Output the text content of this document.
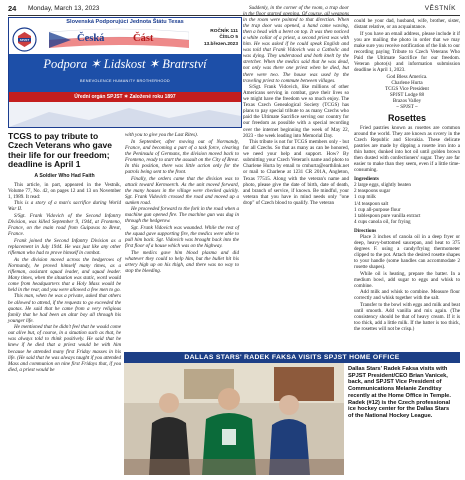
24 Monday, March 13, 2023	VĚSTNÍK
Slovenská Podporujúci Jednota Štátu Texas
SPJST	Česká	Část
ROČNÍK 111
ČÍSLO 5
13.březen.2023
Podpora ✶ Lidskost ✶ Bratrství
BENEVOLENCE HUMANITY BROTHERHOOD
Úřední orgán SPJST ✶ Založené roku 1897
TCGS to pay tribute to Czech Veterans who gave their life for our freedom; deadline is April 1
A Soldier Who Had Faith

This article, in part, appeared in the Vestnik, Volume 77, No. 42, on pages 12 and 13 on November 1, 1989. It read:

This is a story of a man's sacrifice during World War II.

S/Sgt. Frank Vidovich of the Second Infantry Division, was killed September 9, 1944, at Fronteno, France, on the main road from Guipavas to Brest, France.

Frank joined the Second Infantry Division as a replacement in July 1944. He was just like any other rifleman who had to prove himself in combat.

As the division moved across the hedgerows of Normandy, he proved himself many times, as a rifleman, assistant squad leader, and squad leader. Many times, when the situation was static, word would come from headquarters that a Holy Mass would be held in the rear, and you were allowed a few men to go.

This man, when he was a private, asked that others be allowed to attend, if the requests to go exceeded the quotas. He said that he came from a very religious family that he had been an altar boy all through his younger life.

He mentioned that he didn't feel that he would come out alive but, of course, in a situation such as that, he was always told to think positively. He said that he knew if he died that a priest would be with him because he attended many first Friday masses in his life. (He said that he was always taught if you attended Mass and communion on nine first Fridays that, if you died, a priest would be

with you to give you the Last Rites).

In September, after moving out of Normandy, France, and becoming a part of a task force, clearing the Peninsula of Germans, the division moved back to Fronteno, ready to start the assault on the City of Brest. In this position, there was little action only for the patrols being sent to the front.

Finally, the orders came that the division was to attack toward Kermoerch. As the unit moved forward, the many houses in the village were checked quickly. Sgt. Frank Vidovich crossed the road and moved up a sunken road.

He proceeded forward to the fork in the road when a machine gun opened fire. The machine gun was dug in through the hedgerow.

Sgt. Frank Vidovich was wounded. While the rest of the squad gave supporting fire, the medics were able to pull him back. Sgt. Vidovich was brought back into the first floor of a house which was on the highway.

The medics gave him blood plasma and did whatever they could to help him, but the bullet hit his artery high up on his thigh, and there was no way to stop the bleeding.

Suddenly, in the corner of the room, a trap door in the floor started opening. Of course, all weapons in the room were pointed to that direction. When the trap door was opened, a hand came waving, then a head with a beret on top. It was then noticed a white collar of a priest, a second priest was with him. He was asked if he could speak English and was told that Frank Vidovich was a Catholic and was dying. They understood and both knelt by the stretcher. When the medics said that he was dead, not only was there one priest when he died, but there were two. The house was used by the traveling priest to commute between villages.

S/Sgt. Frank Vidovich, like millions of other Americans serving in combat, gave their lives so we might have the freedom we so much enjoy. The Texas Czech Genealogical Society (TCGS) has plans to pay special tribute to as many Czechs who paid the Ultimate Sacrifice serving our country for our freedom as possible with a special recording over the internet beginning the week of May 22, 2023 - the week leading into Memorial Day.

This tribute is not for TCGS members only - but for all Czechs. So that as many as can be honored, we need your help and support. How? By submitting your Czech Veteran's name and photo to Charlene Hurta by email to cmhurta@earthlink.net or mail to Charlene at 1231 CR 201A, Angleton, Texas 77515. Along with the veteran's name and photo, please give the date of birth, date of death, and branch of service, if known. Be mindful, your veteran that you have in mind needs only "one drop" of Czech blood to qualify. The veteran

could be your dad, husband, wife, brother, sister, distant relative, or an acquaintance.

If you have an email address, please include it if you are mailing the photo in order that we may make sure you receive notification of the link to our recording paying Tribute to Czech Veterans Who Paid the Ultimate Sacrifice for our freedom. Veteran photo(s) and information submission deadline is April 1, 2023.

God Bless America.
Charlene Hurta
TCGS Vice President
SPJST Lodge 88
Brazos Valley
~ SPJST ~
Rosettes

Fried pastries known as rosettes are common around the world. They are known as svcery in the Czech Republic and Slovakia. These delicate pastries are made by dipping a rosette iron into a thin batter, dunked into hot oil until golden brown then dusted with confectioners' sugar. They are far easier to make than they seem, even if a little time-consuming.

Ingredients
2 large eggs, slightly beaten
2 teaspoons sugar
1 cup milk
1/4 teaspoon salt
1 cup all-purpose flour
1 tablespoon pure vanilla extract
4 cups canola oil, for frying
Directions

Place 3 inches of canola oil in a deep fryer or deep, heavy-bottomed saucepan, and heat to 375 degrees F. using a candy/frying thermometer clipped to the pot. Attach the desired rosette shapes to your handle (some handles can accommodate 2 rosette shapes).

While oil is heating, prepare the batter. In a medium bowl, add sugar to eggs and whisk to combine.

Add milk and whisk to combine. Measure flour correctly and whisk together with the salt.

Transfer to the bowl with eggs and milk and beat until smooth. Add vanilla and mix again. (The consistency should be that of heavy cream. If it is too thick, add a little milk. If the batter is too thick, the rosettes will not be crisp.)

DALLAS STARS' RADEK FAKSA VISITS SPJST HOME OFFICE
Dallas Stars' Radek Faksa visits with SPJST President/CEO Brian Vanicek, back, and SPJST Vice President of Communications Melanie Zenditsy recently at the Home Office in Temple. Radek (#12) is the Czech professional ice hockey center for the Dallas Stars of the National Hockey League.
